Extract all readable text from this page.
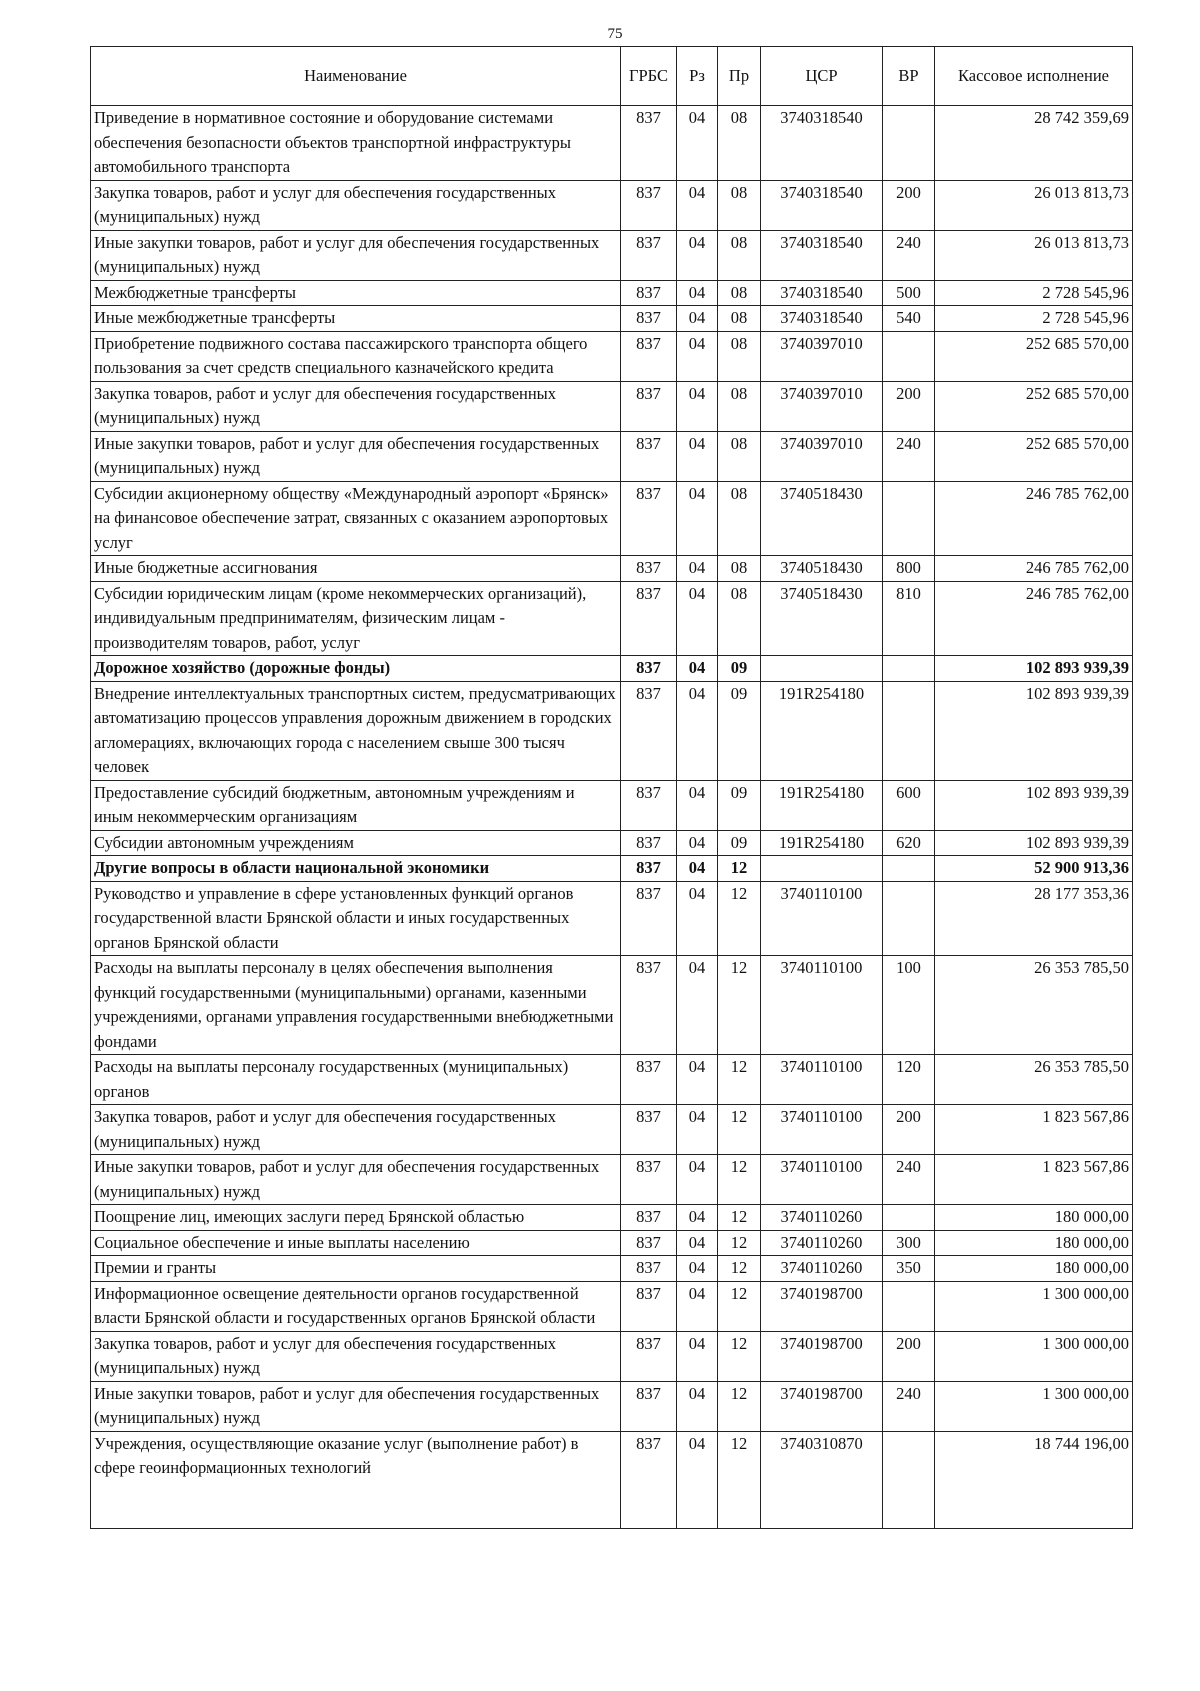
75
Наименование	ГРБС	Рз	Пр	ЦСР	ВР	Кассовое исполнение
Приведение в нормативное состояние и оборудование системами обеспечения безопасности объектов транспортной инфраструктуры автомобильного транспорта	837	04	08	3740318540		28 742 359,69
Закупка товаров, работ и услуг для обеспечения государственных (муниципальных) нужд	837	04	08	3740318540	200	26 013 813,73
Иные закупки товаров, работ и услуг для обеспечения государственных (муниципальных) нужд	837	04	08	3740318540	240	26 013 813,73
Межбюджетные трансферты	837	04	08	3740318540	500	2 728 545,96
Иные межбюджетные трансферты	837	04	08	3740318540	540	2 728 545,96
Приобретение подвижного состава пассажирского транспорта общего пользования за счет средств специального казначейского кредита	837	04	08	3740397010		252 685 570,00
Закупка товаров, работ и услуг для обеспечения государственных (муниципальных) нужд	837	04	08	3740397010	200	252 685 570,00
Иные закупки товаров, работ и услуг для обеспечения государственных (муниципальных) нужд	837	04	08	3740397010	240	252 685 570,00
Субсидии акционерному обществу «Международный аэропорт «Брянск» на финансовое обеспечение затрат, связанных с оказанием аэропортовых услуг	837	04	08	3740518430		246 785 762,00
Иные бюджетные ассигнования	837	04	08	3740518430	800	246 785 762,00
Субсидии юридическим лицам (кроме некоммерческих организаций), индивидуальным предпринимателям, физическим лицам - производителям товаров, работ, услуг	837	04	08	3740518430	810	246 785 762,00
Дорожное хозяйство (дорожные фонды)	837	04	09			102 893 939,39
Внедрение интеллектуальных транспортных систем, предусматривающих автоматизацию процессов управления дорожным движением в городских агломерациях, включающих города с населением свыше 300 тысяч человек	837	04	09	191R254180		102 893 939,39
Предоставление субсидий бюджетным, автономным учреждениям и иным некоммерческим организациям	837	04	09	191R254180	600	102 893 939,39
Субсидии автономным учреждениям	837	04	09	191R254180	620	102 893 939,39
Другие вопросы в области национальной экономики	837	04	12			52 900 913,36
Руководство и управление в сфере установленных функций органов государственной власти Брянской области и иных государственных органов Брянской области	837	04	12	3740110100		28 177 353,36
Расходы на выплаты персоналу в целях обеспечения выполнения функций государственными (муниципальными) органами, казенными учреждениями, органами управления государственными внебюджетными фондами	837	04	12	3740110100	100	26 353 785,50
Расходы на выплаты персоналу государственных (муниципальных) органов	837	04	12	3740110100	120	26 353 785,50
Закупка товаров, работ и услуг для обеспечения государственных (муниципальных) нужд	837	04	12	3740110100	200	1 823 567,86
Иные закупки товаров, работ и услуг для обеспечения государственных (муниципальных) нужд	837	04	12	3740110100	240	1 823 567,86
Поощрение лиц, имеющих заслуги перед Брянской областью	837	04	12	3740110260		180 000,00
Социальное обеспечение и иные выплаты населению	837	04	12	3740110260	300	180 000,00
Премии и гранты	837	04	12	3740110260	350	180 000,00
Информационное освещение деятельности органов государственной власти Брянской области и государственных органов Брянской области	837	04	12	3740198700		1 300 000,00
Закупка товаров, работ и услуг для обеспечения государственных (муниципальных) нужд	837	04	12	3740198700	200	1 300 000,00
Иные закупки товаров, работ и услуг для обеспечения государственных (муниципальных) нужд	837	04	12	3740198700	240	1 300 000,00
Учреждения, осуществляющие оказание услуг (выполнение работ) в сфере геоинформационных технологий	837	04	12	3740310870		18 744 196,00
